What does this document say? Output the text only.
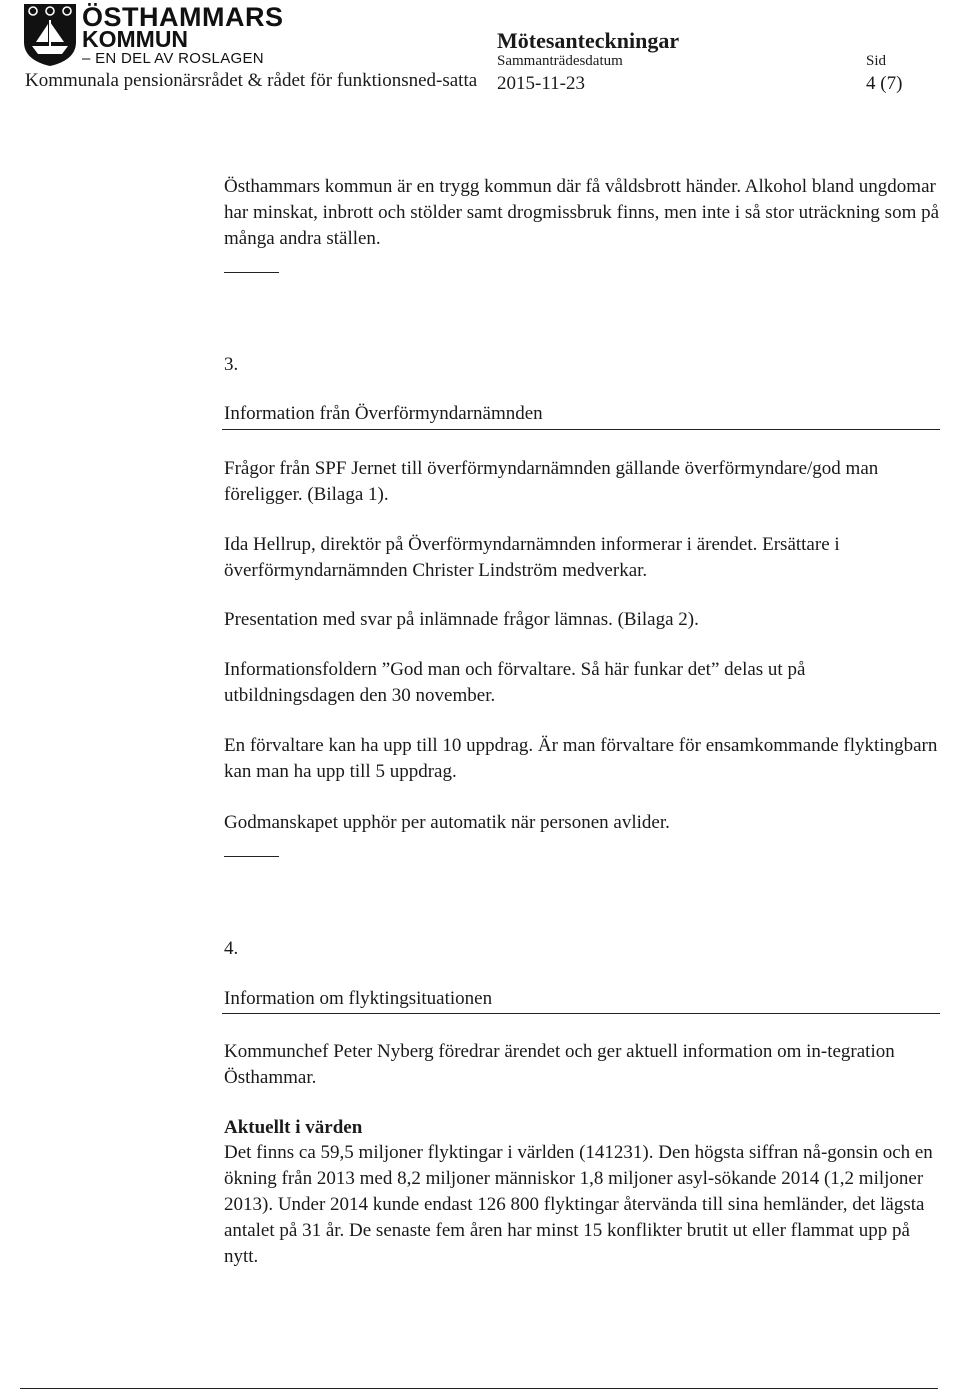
ÖSTHAMMARS
KOMMUN
– EN DEL AV ROSLAGEN
Kommunala pensionärsrådet & rådet för funktionsned-satta
Mötesanteckningar
Sammanträdesdatum
2015-11-23
Sid
4 (7)
Östhammars kommun är en trygg kommun där få våldsbrott händer. Alkohol bland ungdomar har minskat, inbrott och stölder samt drogmissbruk finns, men inte i så stor uträckning som på många andra ställen.
3.
Information från Överförmyndarnämnden
Frågor från SPF Jernet till överförmyndarnämnden gällande överförmyndare/god man föreligger. (Bilaga 1).
Ida Hellrup, direktör på Överförmyndarnämnden informerar i ärendet. Ersättare i överförmyndarnämnden Christer Lindström medverkar.
Presentation med svar på inlämnade frågor lämnas. (Bilaga 2).
Informationsfoldern ”God man och förvaltare. Så här funkar det” delas ut på utbildningsdagen den 30 november.
En förvaltare kan ha upp till 10 uppdrag. Är man förvaltare för ensamkommande flyktingbarn kan man ha upp till 5 uppdrag.
Godmanskapet upphör per automatik när personen avlider.
4.
Information om flyktingsituationen
Kommunchef Peter Nyberg föredrar ärendet och ger aktuell information om in-tegration Östhammar.
Aktuellt i värden
Det finns ca 59,5 miljoner flyktingar i världen (141231). Den högsta siffran nå-gonsin och en ökning från 2013 med 8,2 miljoner människor 1,8 miljoner asyl-sökande 2014 (1,2 miljoner 2013). Under 2014 kunde endast 126 800 flyktingar återvända till sina hemländer, det lägsta antalet på 31 år. De senaste fem åren har minst 15 konflikter brutit ut eller flammat upp på nytt.
